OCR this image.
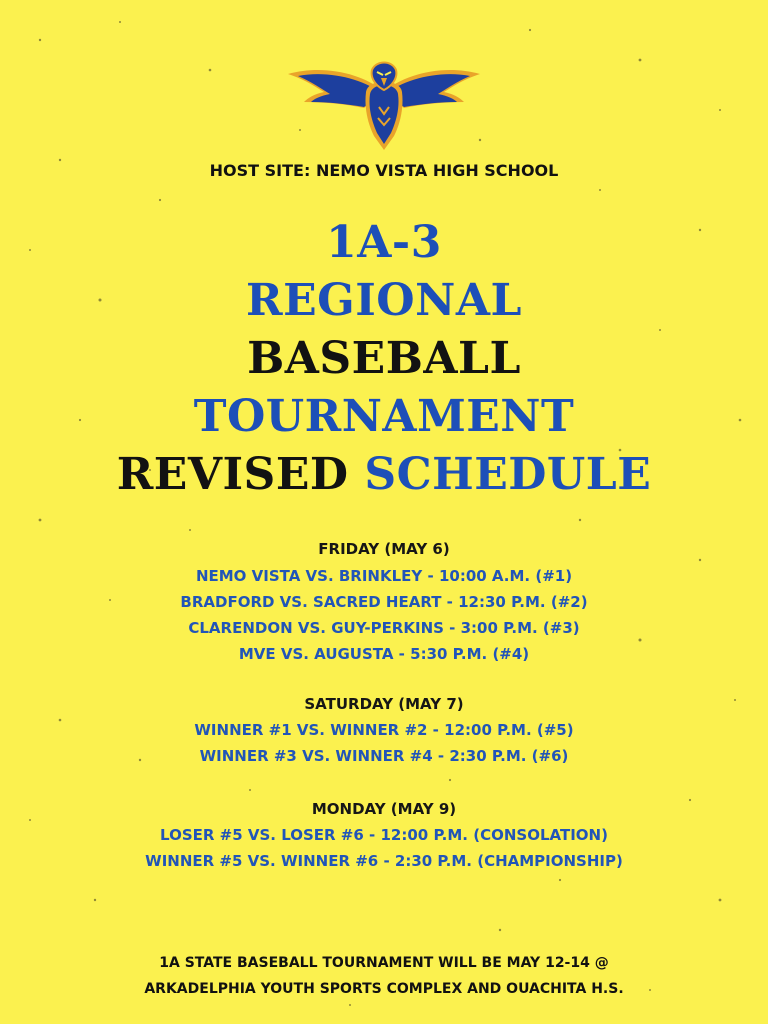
HOST SITE: NEMO VISTA HIGH SCHOOL
1A-3
REGIONAL
BASEBALL
TOURNAMENT
REVISED SCHEDULE
FRIDAY (MAY 6)
NEMO VISTA VS. BRINKLEY - 10:00 A.M. (#1)
BRADFORD VS. SACRED HEART - 12:30 P.M. (#2)
CLARENDON VS. GUY-PERKINS - 3:00 P.M. (#3)
MVE VS. AUGUSTA - 5:30 P.M. (#4)
SATURDAY (MAY 7)
WINNER #1 VS. WINNER #2 - 12:00 P.M. (#5)
WINNER #3 VS. WINNER #4 - 2:30 P.M. (#6)
MONDAY (MAY 9)
LOSER #5 VS. LOSER #6 - 12:00 P.M. (CONSOLATION)
WINNER #5 VS. WINNER #6 - 2:30 P.M. (CHAMPIONSHIP)
1A STATE BASEBALL TOURNAMENT WILL BE MAY 12-14 @
ARKADELPHIA YOUTH SPORTS COMPLEX AND OUACHITA H.S.
